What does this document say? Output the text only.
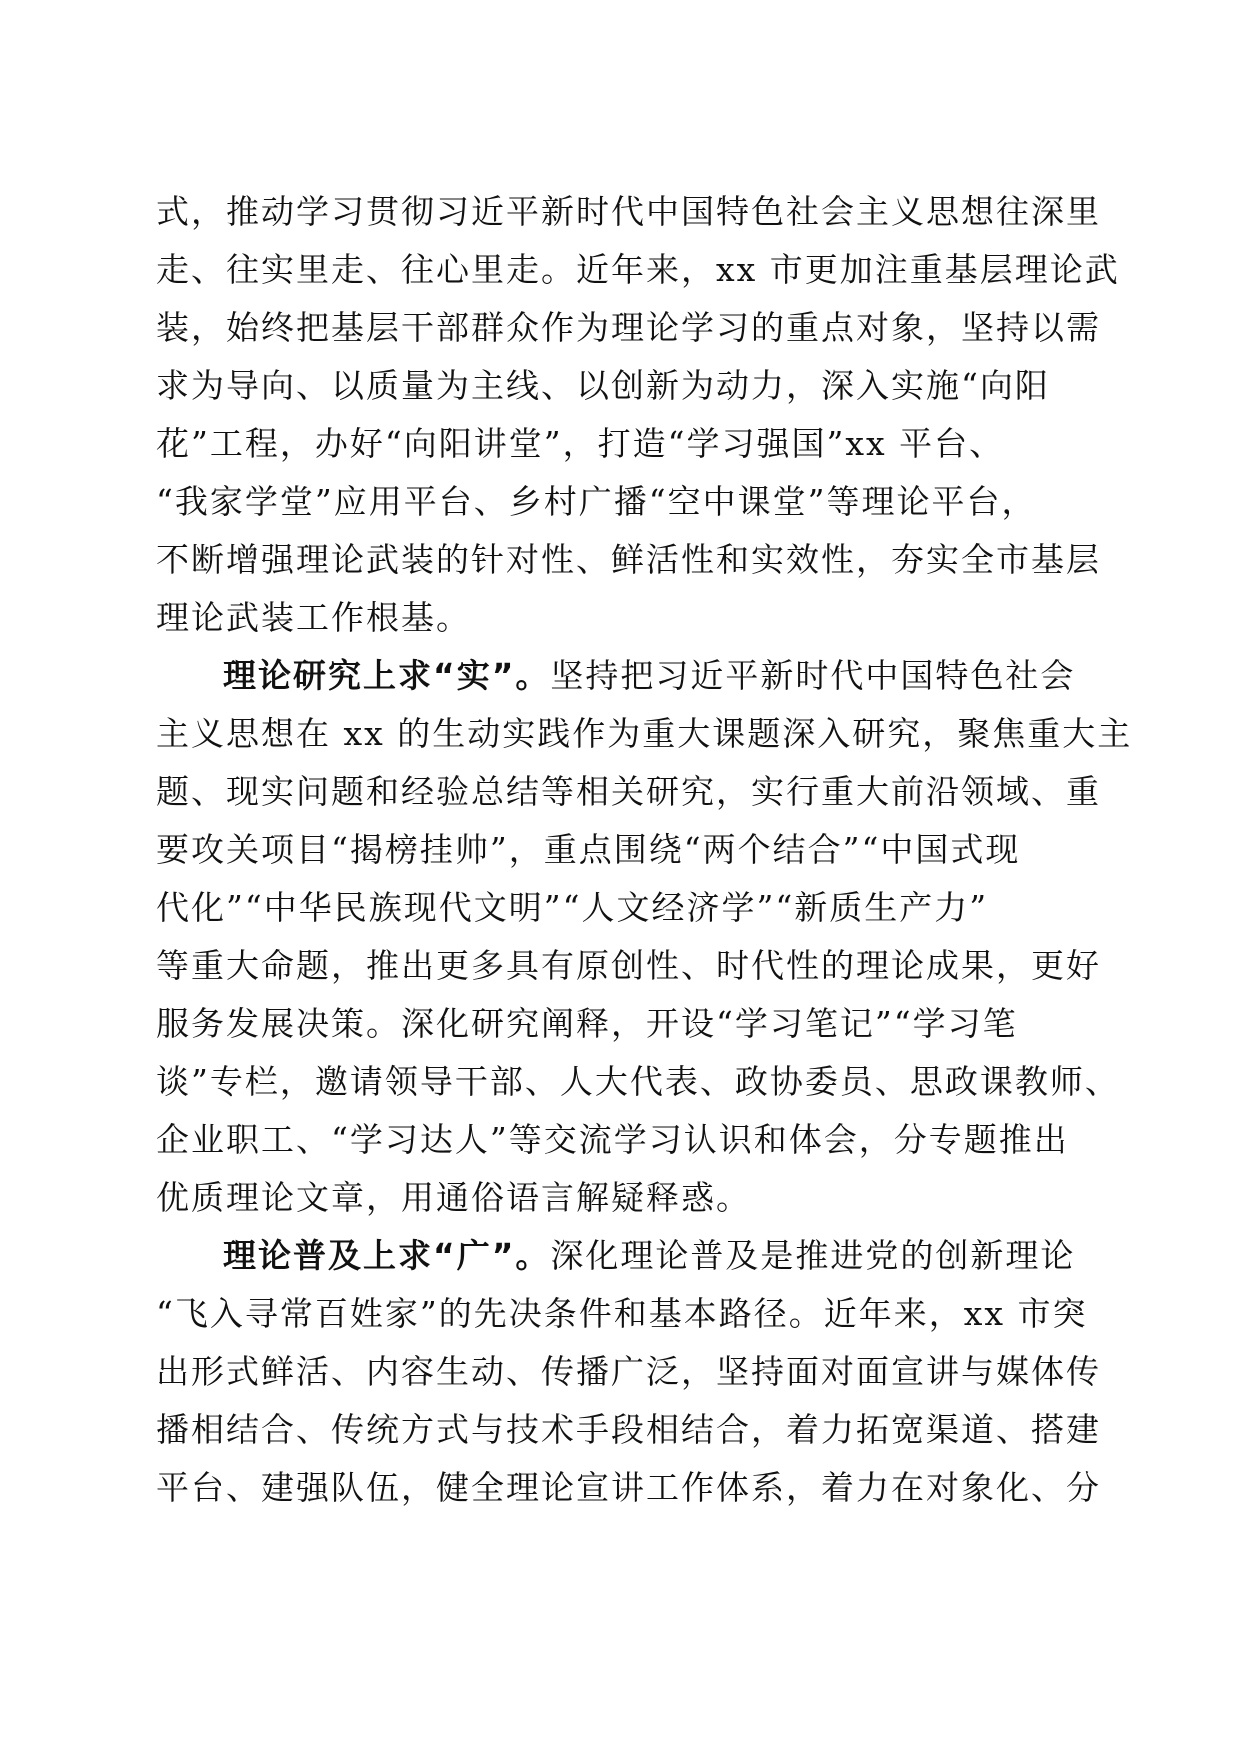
式，推动学习贯彻习近平新时代中国特色社会主义思想往深里
走、往实里走、往心里走。近年来，xx 市更加注重基层理论武
装，始终把基层干部群众作为理论学习的重点对象，坚持以需
求为导向、以质量为主线、以创新为动力，深入实施“向阳
花”工程，办好“向阳讲堂”，打造“学习强国”xx 平台、
“我家学堂”应用平台、乡村广播“空中课堂”等理论平台，
不断增强理论武装的针对性、鲜活性和实效性，夯实全市基层
理论武装工作根基。
理论研究上求“实”。坚持把习近平新时代中国特色社会
主义思想在 xx 的生动实践作为重大课题深入研究，聚焦重大主
题、现实问题和经验总结等相关研究，实行重大前沿领域、重
要攻关项目“揭榜挂帅”，重点围绕“两个结合”“中国式现
代化”“中华民族现代文明”“人文经济学”“新质生产力”
等重大命题，推出更多具有原创性、时代性的理论成果，更好
服务发展决策。深化研究阐释，开设“学习笔记”“学习笔
谈”专栏，邀请领导干部、人大代表、政协委员、思政课教师、
企业职工、“学习达人”等交流学习认识和体会，分专题推出
优质理论文章，用通俗语言解疑释惑。
理论普及上求“广”。深化理论普及是推进党的创新理论
“飞入寻常百姓家”的先决条件和基本路径。近年来，xx 市突
出形式鲜活、内容生动、传播广泛，坚持面对面宣讲与媒体传
播相结合、传统方式与技术手段相结合，着力拓宽渠道、搭建
平台、建强队伍，健全理论宣讲工作体系，着力在对象化、分
